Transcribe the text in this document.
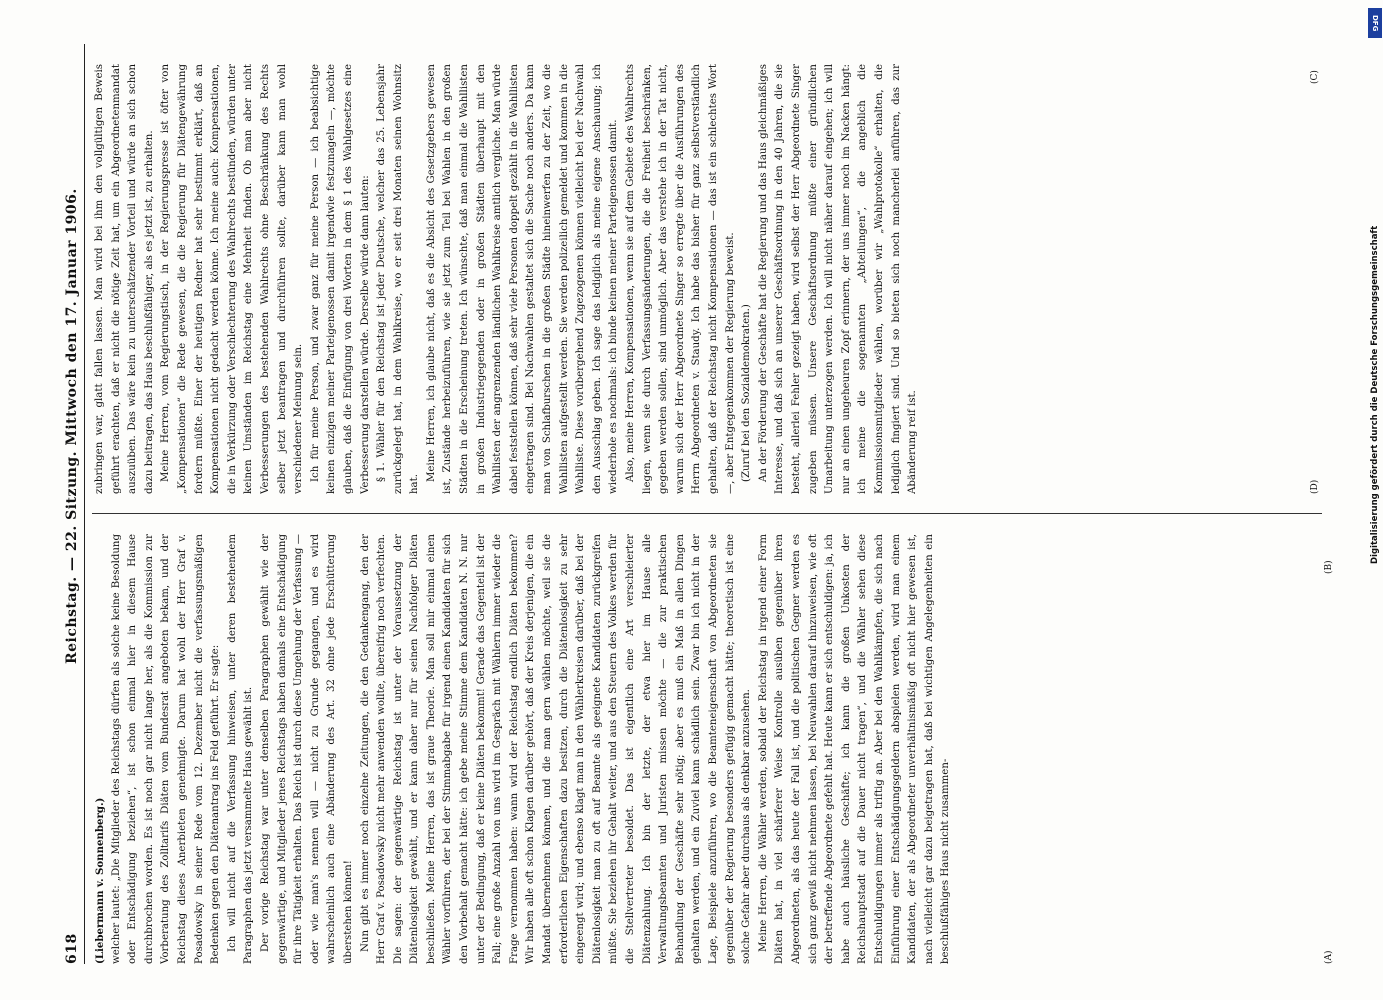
618
Reichstag. — 22. Sitzung. Mittwoch den 17. Januar 1906.

(Liebermann v. Sonnenberg.) welcher lautet: „Die Mitglieder des Reichstags dürfen als solche keine Besoldung oder Entschädigung beziehen“, ist schon einmal hier in diesem Hause durchbrochen worden. Es ist noch gar nicht lange her, als die Kommission zur Vorberatung des Zolltarifs Diäten vom Bundesrat angeboten bekam, und der Reichstag dieses Anerbieten genehmigte. Darum hat wohl der Herr Graf v. Posadowsky in seiner Rede vom 12. Dezember nicht die verfassungsmäßigen Bedenken gegen den Diätenantrag ins Feld geführt. Er sagte: Ich will nicht auf die Verfassung hinweisen, unter deren bestehendem Paragraphen das jetzt versammelte Haus gewählt ist. Der vorige Reichstag war unter denselben Paragraphen gewählt wie der gegenwärtige, und Mitglieder jenes Reichstags haben damals eine Entschädigung für ihre Tätigkeit erhalten. Das Reich ist durch diese Umgehung der Verfassung — oder wie man's nennen will — nicht zu Grunde gegangen, und es wird wahrscheinlich auch eine Abänderung des Art. 32 ohne jede Erschütterung überstehen können! Nun gibt es immer noch einzelne Zeitungen, die den Gedankengang, den der Herr Graf v. Posadowsky nicht mehr anwenden wollte, übereifrig noch verfechten. Die sagen: der gegenwärtige Reichstag ist unter der Voraussetzung der Diätenlosigkeit gewählt, und er kann daher nur für seinen Nachfolger Diäten beschließen. Meine Herren, das ist graue Theorie. Man soll mir einmal einen Wähler vorführen, der bei der Stimmabgabe für irgend einen Kandidaten für sich den Vorbehalt gemacht hätte: ich gebe meine Stimme dem Kandidaten N. N. nur unter der Bedingung, daß er keine Diäten bekommt! Gerade das Gegenteil ist der Fall; eine große Anzahl von uns wird im Gespräch mit Wählern immer wieder die Frage vernommen haben: wann wird der Reichstag endlich Diäten bekommen? Wir haben alle oft schon Klagen darüber gehört, daß der Kreis derjenigen, die ein Mandat übernehmen können, und die man gern wählen möchte, weil sie die erforderlichen Eigenschaften dazu besitzen, durch die Diätenlosigkeit zu sehr eingeengt wird; und ebenso klagt man in den Wählerkreisen darüber, daß bei der Diätenlosigkeit man zu oft auf Beamte als geeignete Kandidaten zurückgreifen müßte. Sie beziehen ihr Gehalt weiter, und aus den Steuern des Volkes werden für die Stellvertreter besoldet. Das ist eigentlich eine Art verschleierter Diätenzahlung. Ich bin der letzte, der etwa hier im Hause alle Verwaltungsbeamten und Juristen missen möchte — die zur praktischen Behandlung der Geschäfte sehr nötig; aber es muß ein Maß in allen Dingen gehalten werden, und ein Zuviel kann schädlich sein. Zwar bin ich nicht in der Lage, Beispiele anzuführen, wo die Beamteneigenschaft von Abgeordneten sie gegenüber der Regierung besonders gefügig gemacht hätte; theoretisch ist eine solche Gefahr aber durchaus als denkbar anzusehen. Meine Herren, die Wähler werden, sobald der Reichstag in irgend einer Form Diäten hat, in viel schärferer Weise Kontrolle ausüben gegenüber ihren Abgeordneten, als das heute der Fall ist, und die politischen Gegner werden es sich ganz gewiß nicht nehmen lassen, bei Neuwahlen darauf hinzuweisen, wie oft der betreffende Abgeordnete gefehlt hat. Heute kann er sich entschuldigen: ja, ich habe auch häusliche Geschäfte; ich kann die großen Unkosten der Reichshauptstadt auf die Dauer nicht tragen“, und die Wähler sehen diese Entschuldigungen immer als triftig an. Aber bei den Wahlkämpfen, die sich nach Einführung einer Entschädigungsgeldern abspielen werden, wird man einem Kandidaten, der als Abgeordneter unverhältnismäßig oft nicht hier gewesen ist, nach vielleicht gar dazu beigetragen hat, daß bei wichtigen Angelegenheiten ein beschlußfähiges Haus nicht zusammen-

zubringen war, glatt fallen lassen. Man wird bei ihm den vollgültigen Beweis geführt erachten, daß er nicht die nötige Zeit hat, um ein Abgeordnetenmandat auszuüben. Das wäre kein zu unterschätzender Vorteil und würde an sich schon dazu beitragen, das Haus beschlußfähiger, als es jetzt ist, zu erhalten. Meine Herren, vom Regierungstisch, in der Regierungspresse ist öfter von „Kompensationen“ die Rede gewesen, die die Regierung für Diätengewährung fordern müßte. Einer der heutigen Redner hat sehr bestimmt erklärt, daß an Kompensationen nicht gedacht werden könne. Ich meine auch: Kompensationen, die in Verkürzung oder Verschlechterung des Wahlrechts bestünden, würden unter keinen Umständen im Reichstag eine Mehrheit finden. Ob man aber nicht Verbesserungen des bestehenden Wahlrechts ohne Beschränkung des Rechts selber jetzt beantragen und durchführen sollte, darüber kann man wohl verschiedener Meinung sein. Ich für meine Person, und zwar ganz für meine Person — ich beabsichtige keinen einzigen meiner Parteigenossen damit irgendwie festzunageln —, möchte glauben, daß die Einfügung von drei Worten in dem § 1 des Wahlgesetzes eine Verbesserung darstellen würde. Derselbe würde dann lauten: § 1. Wähler für den Reichstag ist jeder Deutsche, welcher das 25. Lebensjahr zurückgelegt hat, in dem Wahlkreise, wo er seit drei Monaten seinen Wohnsitz hat.

Meine Herren, ich glaube nicht, daß es die Absicht des Gesetzgebers gewesen ist, Zustände herbeizuführen, wie sie jetzt zum Teil bei Wahlen in den großen Städten in die Erscheinung treten. Ich wünschte, daß man einmal die Wahllisten in großen Industriegegenden oder in großen Städten überhaupt mit den Wahllisten der angrenzenden ländlichen Wahlkreise amtlich vergliche. Man würde dabei feststellen können, daß sehr viele Personen doppelt gezählt in die Wahllisten eingetragen sind. Bei Nachwahlen gestaltet sich die Sache noch anders. Da kann man von Schlafburschen in die großen Städte hineinwerfen zu der Zeit, wo die Wahllisten aufgestellt werden. Sie werden polizeilich gemeldet und kommen in die Wahlliste. Diese vorübergehend Zugezogenen können vielleicht bei der Nachwahl den Ausschlag geben. Ich sage das lediglich als meine eigene Anschauung; ich wiederhole es nochmals: ich binde keinen meiner Parteigenossen damit. Also, meine Herren, Kompensationen, wenn sie auf dem Gebiete des Wahlrechts liegen, wenn sie durch Verfassungsänderungen, die die Freiheit beschränken, gegeben werden sollen, sind unmöglich. Aber das verstehe ich in der Tat nicht, warum sich der Herr Abgeordnete Singer so erregte über die Ausführungen des Herrn Abgeordneten v. Staudy. Ich habe das bisher für ganz selbstverständlich gehalten, daß der Reichstag nicht Kompensationen — das ist ein schlechtes Wort —, aber Entgegenkommen der Regierung beweist. (Zuruf bei den Sozialdemokraten.) An der Förderung der Geschäfte hat die Regierung und das Haus gleichmäßiges Interesse, und daß sich an unserer Geschäftsordnung in den 40 Jahren, die sie besteht, allerlei Fehler gezeigt haben, wird selbst der Herr Abgeordnete Singer zugeben müssen. Unsere Geschäftsordnung müßte einer gründlichen Umarbeitung unterzogen werden. Ich will nicht näher darauf eingehen; ich will nur an einen ungeheuren Zopf erinnern, der uns immer noch im Nacken hängt: ich meine die sogenannten „Abteilungen“, die angeblich die Kommissionsmitglieder wählen, worüber wir „Wahlprotokolle“ erhalten, die lediglich fingiert sind. Und so bieten sich noch mancherlei anführen, das zur Abänderung reif ist.

(A)
(B)
(C)
(D)
DFG
Digitalisierung gefördert durch die Deutsche Forschungsgemeinschaft
